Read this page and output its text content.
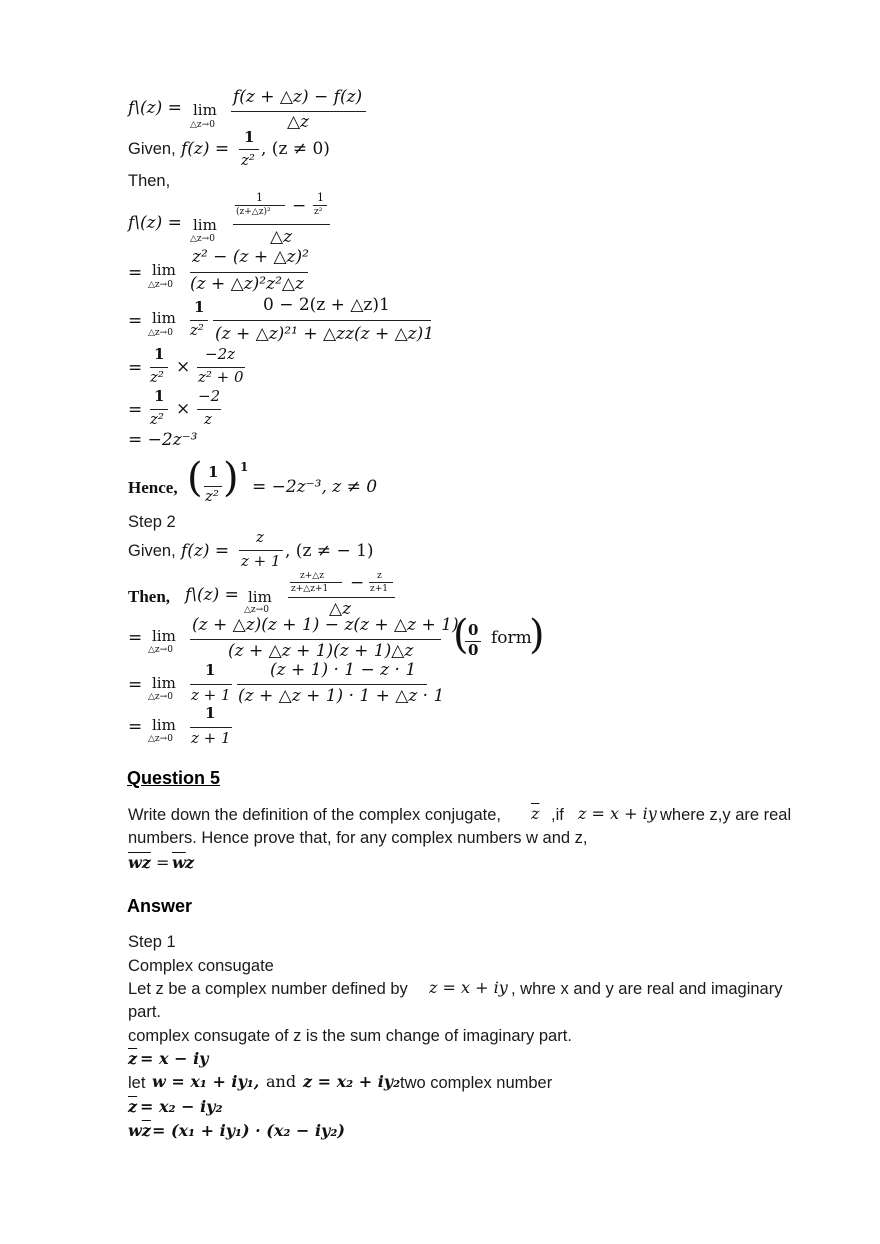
f\(z) = lim
△z→0
f(z + △z) − f(z)
△z
Given, f(z) =
1
z²
, (z ≠ 0)
Then,
f\(z) = lim
△z→0
1
(z+△z)² − 1
z²
△z
= lim
△z→0
z² − (z + △z)²
(z + △z)²z²△z
= lim
△z→0
1
z²
0 − 2(z + △z)1
(z + △z)²¹ + △zz(z + △z)1
=
1
z² ×
−2z
z² + 0
=
1
z² ×
−2
z
= −2z⁻³
Hence, ( 1
z² ) 1
= −2z⁻³, z ≠ 0
Step 2
Given, f(z) =
z
z + 1 , (z ≠ − 1)
Then, f\(z) = lim
△z→0
z+△z
z+△z+1 − z
z+1
△z
= lim
△z→0
(z + △z)(z + 1) − z(z + △z + 1)
(z + △z + 1)(z + 1)△z ( 0
0
form
)
= lim
△z→0
1
z + 1
(z + 1) · 1 − z · 1
(z + △z + 1) · 1 + △z · 1
= lim
△z→0
1
z + 1
Question 5
Write down the definition of the complex conjugate, $\overline{z}$ ,if z = x + iy where z,y are real
numbers. Hence prove that, for any complex numbers w and z,
$\overline{wz} = \overline{w}$ z
Answer
Step 1
Complex consugate
Let z be a complex number defined by z = x + iy , whre x and y are real and imaginary
part.
complex consugate of z is the sum change of imaginary part.
$\overline{z} = x$ − iy
let w = x₁ + iy₁, and z = x₂ + iy₂ two complex number
$\overline{z} = x_2 - iy_2$
$w\overline{z} = (x_1 + iy_1) \cdot (x_2 - iy_2)$
